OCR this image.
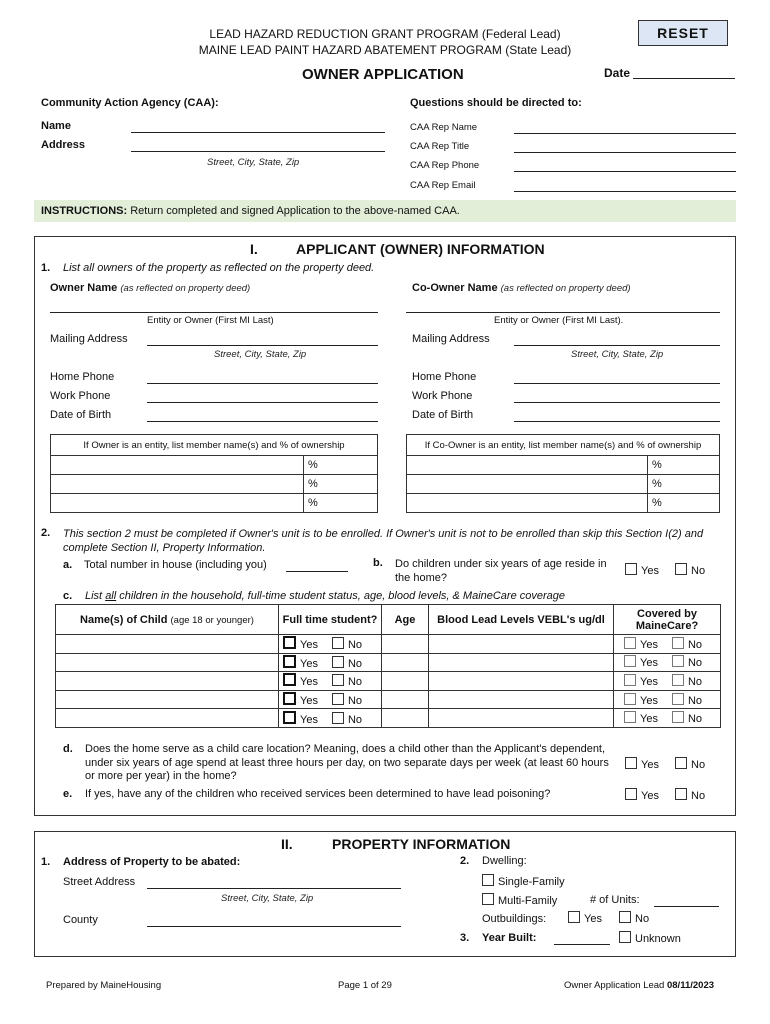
LEAD HAZARD REDUCTION GRANT PROGRAM (Federal Lead)
MAINE LEAD PAINT HAZARD ABATEMENT PROGRAM (State Lead)
RESET
OWNER APPLICATION	Date
Community Action Agency (CAA):	Questions should be directed to:
Name
Address
Street, City, State, Zip
CAA Rep Name
CAA Rep Title
CAA Rep Phone
CAA Rep Email
INSTRUCTIONS: Return completed and signed Application to the above-named CAA.
I.	APPLICANT (OWNER) INFORMATION
1. List all owners of the property as reflected on the property deed.
Owner Name (as reflected on property deed)	Co-Owner Name (as reflected on property deed)
Entity or Owner (First MI Last)	Entity or Owner (First MI Last).
Mailing Address
Street, City, State, Zip
Home Phone
Work Phone
Date of Birth
Mailing Address
Street, City, State, Zip
Home Phone
Work Phone
Date of Birth
If Owner is an entity, list member name(s) and % of ownership	
	%
	%
	%
If Co-Owner is an entity, list member name(s) and % of ownership	
	%
	%
	%
2. This section 2 must be completed if Owner's unit is to be enrolled. If Owner's unit is not to be enrolled than skip this Section I(2) and complete Section II, Property Information.
a. Total number in house (including you)	b. Do children under six years of age reside in the home?
Yes	No
c. List all children in the household, full-time student status, age, blood levels, & MaineCare coverage
Name(s) of Child (age 18 or younger)	Full time student?	Age	Blood Lead Levels VEBL's ug/dl	Covered by MaineCare?
	Yes No			Yes No
	Yes No			Yes No
	Yes No			Yes No
	Yes No			Yes No
	Yes No			Yes No
d. Does the home serve as a child care location? Meaning, does a child other than the Applicant's dependent, under six years of age spend at least three hours per day, on two separate days per week (at least 60 hours or more per year) in the home?
Yes	No
e. If yes, have any of the children who received services been determined to have lead poisoning?	Yes	No
II.	PROPERTY INFORMATION
1. Address of Property to be abated:
Street Address
Street, City, State, Zip
County
2. Dwelling:
Single-Family
Multi-Family	# of Units:
Outbuildings:	Yes	No
3. Year Built:	Unknown
Prepared by MaineHousing	Page 1 of 29	Owner Application Lead 08/11/2023
